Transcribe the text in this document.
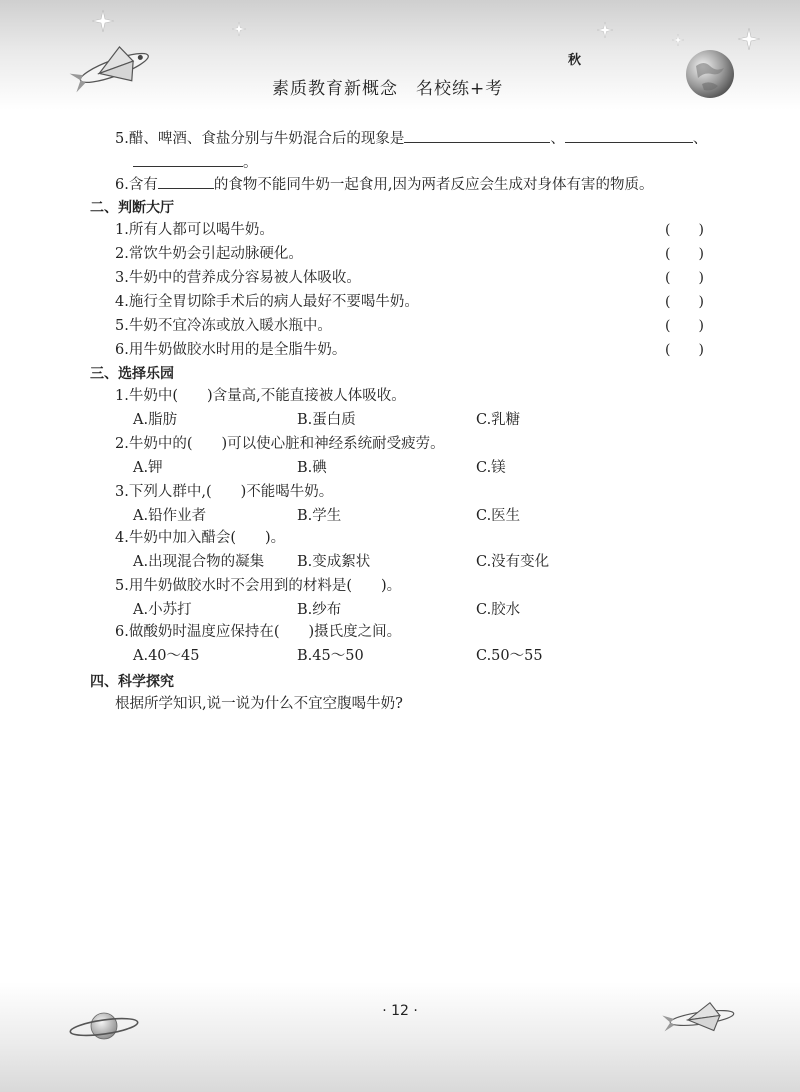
秋
素质教育新概念　名校练+考
5.醋、啤酒、食盐分别与牛奶混合后的现象是	、	、
。
6.含有	的食物不能同牛奶一起食用,因为两者反应会生成对身体有害的物质。
二、判断大厅
1.所有人都可以喝牛奶。	(　　)
2.常饮牛奶会引起动脉硬化。	(　　)
3.牛奶中的营养成分容易被人体吸收。	(　　)
4.施行全胃切除手术后的病人最好不要喝牛奶。	(　　)
5.牛奶不宜冷冻或放入暖水瓶中。	(　　)
6.用牛奶做胶水时用的是全脂牛奶。	(　　)
三、选择乐园
1.牛奶中(　　)含量高,不能直接被人体吸收。
A.脂肪	B.蛋白质	C.乳糖
2.牛奶中的(　　)可以使心脏和神经系统耐受疲劳。
A.钾	B.碘	C.镁
3.下列人群中,(　　)不能喝牛奶。
A.铅作业者	B.学生	C.医生
4.牛奶中加入醋会(　　)。
A.出现混合物的凝集 B.变成絮状	C.没有变化
5.用牛奶做胶水时不会用到的材料是(　　)。
A.小苏打	B.纱布	C.胶水
6.做酸奶时温度应保持在(　　)摄氏度之间。
A.40～45	B.45～50	C.50～55
四、科学探究
根据所学知识,说一说为什么不宜空腹喝牛奶?
· 12 ·
